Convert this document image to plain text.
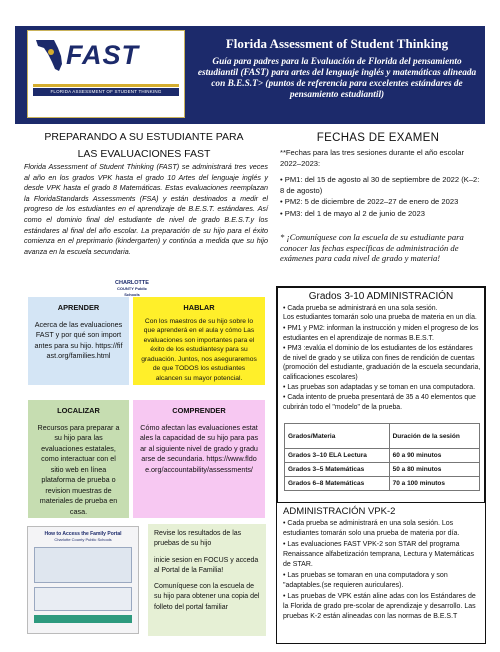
FAST
FLORIDA ASSESSMENT OF STUDENT THINKING
Florida Assessment of Student Thinking
Guía para padres para la Evaluación de Florida del pensamiento estudiantil (FAST) para artes del lenguaje inglés y matemáticas alineada con B.E.S.T> (puntos de referencia para excelentes estándares de pensamiento estudiantil)
PREPARANDO A SU ESTUDIANTE PARA
LAS EVALUACIONES FAST
Florida Assessment of Student Thinking (FAST) se administrará tres veces al año en los grados VPK hasta el grado 10 Artes del lenguaje inglés y desde VPK hasta el grado 8 Matemáticas. Estas evaluaciones reemplazan la FloridaStandards Assessments (FSA) y están destinados a medir el progreso de los estudiantes en el aprendizaje de B.E.S.T. estándares. Así como el dominio final del estudiante de nivel de grado B.E.S.T.y los estándares al final del año escolar. La preparación de su hijo para el éxito comienza en el preprimario (kindergarten) y continúa a medida que su hijo avanza en la escuela secundaria.
FECHAS DE EXAMEN
**Fechas para las tres sesiones durante el año escolar 2022–2023:
• PM1: del 15 de agosto al 30 de septiembre de 2022 (K–2: 8 de agosto)
• PM2: 5 de diciembre de 2022–27 de enero de 2023
• PM3: del 1 de mayo al 2 de junio de 2023
* ¡Comuníquese con la escuela de su estudiante para conocer las fechas específicas de administración de exámenes para cada nivel de grado y materia!
CHARLOTTE
COUNTY Public Schools
APRENDER
Acerca de las evaluaciones FAST y por qué son importantes para su hijo. https://fifast.org/families.html
HABLAR
Con los maestros de su hijo sobre lo que aprenderá en el aula y cómo Las evaluaciones son importantes para el éxito de los estudiantesy para su graduación. Juntos, nos aseguraremos de que TODOS los estudiantes alcancen su mayor potencial.
LOCALIZAR
Recursos para preparar a su hijo para las evaluaciones estatales, como interactuar con el sitio web en línea plataforma de prueba o revision muestras de materiales de prueba en casa.
COMPRENDER
Cómo afectan las evaluaciones estatales la capacidad de su hijo para pasar al siguiente nivel de grado y graduarse de secundaria. https://www.fldoe.org/accountability/assessments/
Grados 3-10 ADMINISTRACIÓN
• Cada prueba se administrará en una sola sesión.
Los estudiantes tomarán solo una prueba de materia en un día.
• PM1 y PM2: informan la instrucción y miden el progreso de los estudiantes en el aprendizaje de normas B.E.S.T.
• PM3 :evalúa el dominio de los estudiantes de los estándares de nivel de grado y se utiliza con fines de rendición de cuentas (promoción del estudiante, graduación de la escuela secundaria, calificaciones escolares)
• Las pruebas son adaptadas y se toman en una computadora.
• Cada intento de prueba presentará de 35 a 40 elementos que cubrirán todo el "modelo" de la prueba.
Grados/Materia	Duración de la sesión
Grados 3–10 ELA Lectura	60 a 90 minutos
Grados 3–5 Matemáticas	50 a 80 minutos
Grados 6–8 Matemáticas	70 a 100 minutos
ADMINISTRACIÓN VPK-2
• Cada prueba se administrará en una sola sesión. Los estudiantes tomarán solo una prueba de materia por día.
• Las evaluaciones FAST VPK-2 son STAR del programa Renaissance alfabetización temprana, Lectura y Matemáticas de STAR.
• Las pruebas se tomaran en una computadora y son "adaptables.(se requieren auriculares).
• Las pruebas de VPK están aline adas con los Estándares de la Florida de grado pre-scolar de aprendizaje y desarrollo. Las pruebas K-2 están alineadas con las normas de B.E.S.T
How to Access the Family Portal
Charlotte County Public Schools

Revise los resultados de las pruebas de su hijo

inicie sesion en FOCUS y acceda al Portal de la Familia!

Comuníquese con la escuela de su hijo para obtener una copia del folleto del portal familiar
